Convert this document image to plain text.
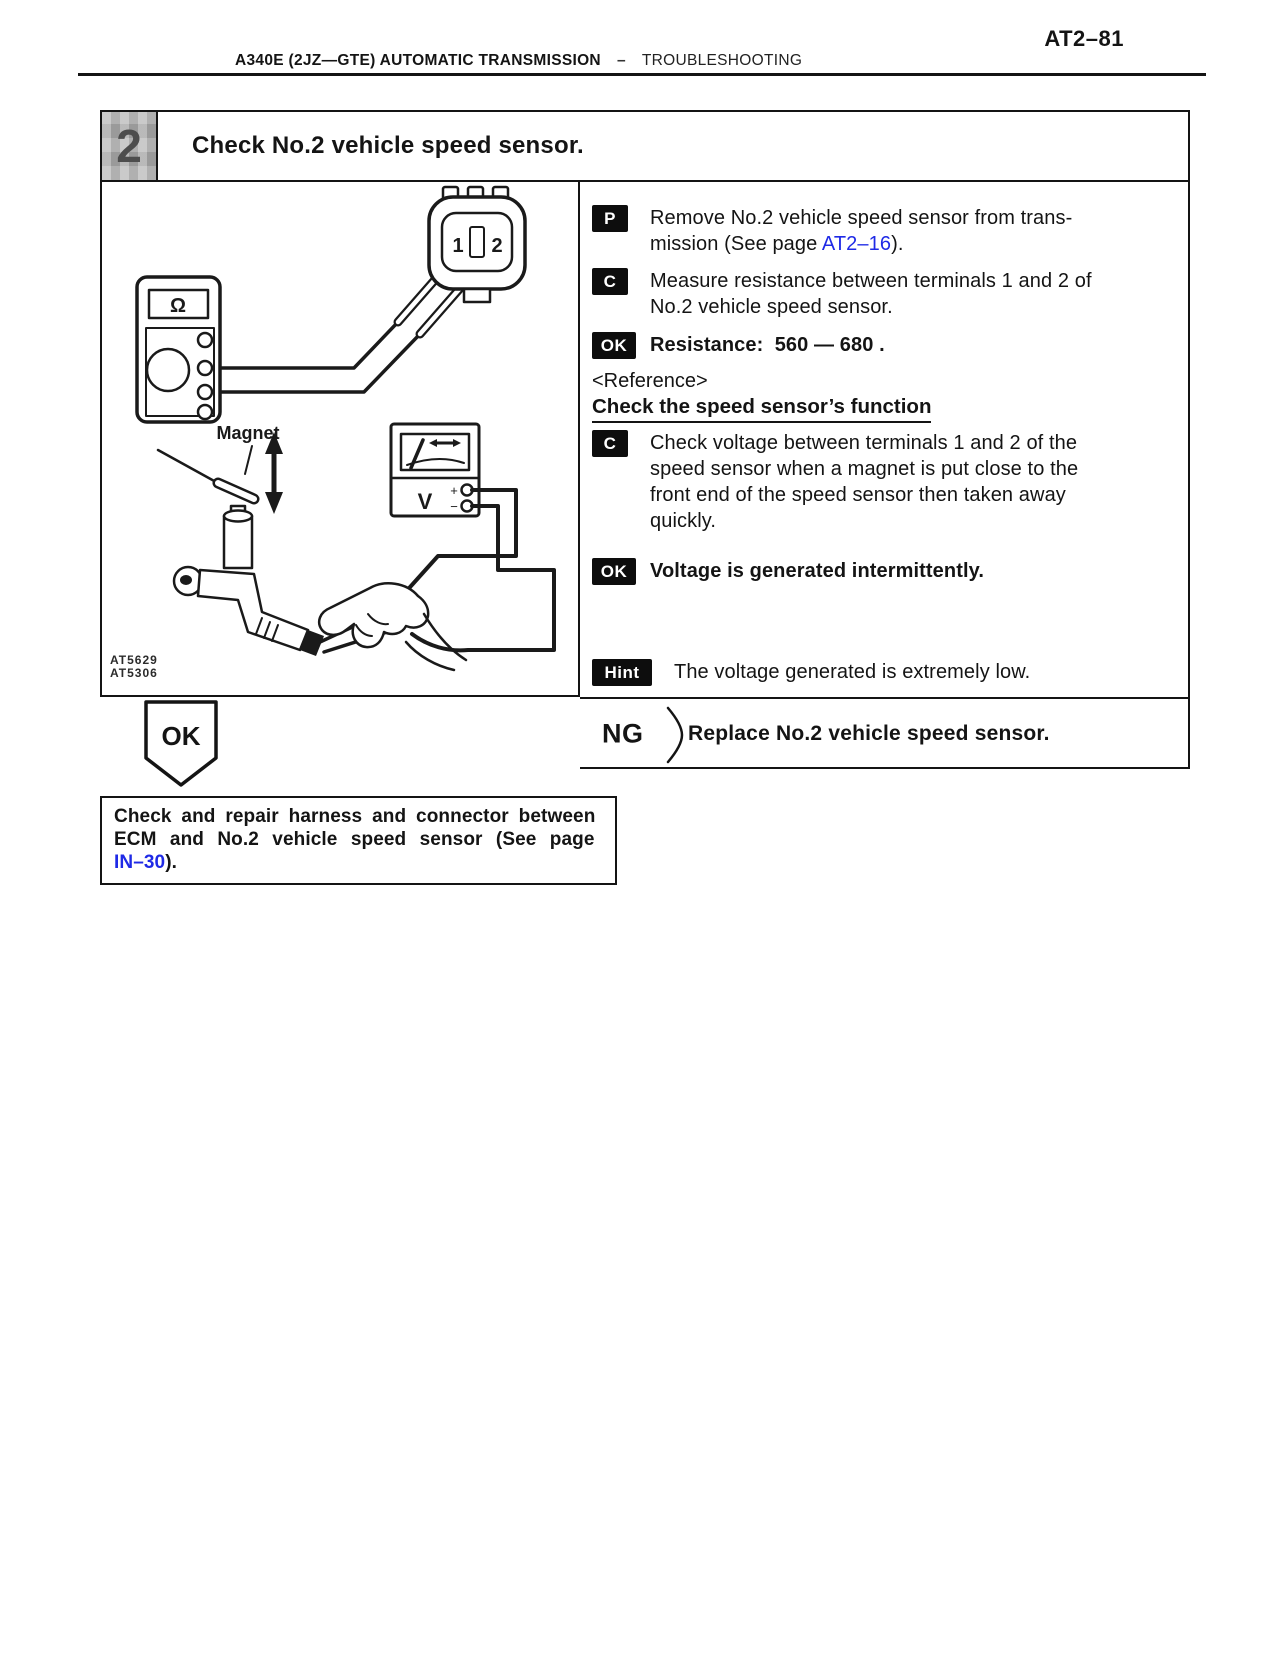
AT2–81
A340E (2JZ—GTE) AUTOMATIC TRANSMISSION – TROUBLESHOOTING
2 Check No.2 vehicle speed sensor.
1 2
Ω
V +
−
Magnet
AT5629
AT5306
P	Remove No.2 vehicle speed sensor from trans-
mission (See page AT2–16).
C	Measure resistance between terminals 1 and 2 of
No.2 vehicle speed sensor.
OK	Resistance:  560 — 680 .
<Reference>
Check the speed sensor’s function
C	Check voltage between terminals 1 and 2 of the
speed sensor when a magnet is put close to the
front end of the speed sensor then taken away
quickly.
OK	Voltage is generated intermittently.
Hint	The voltage generated is extremely low.
NG Replace No.2 vehicle speed sensor.
OK
Check and repair harness and connector between
ECM and No.2 vehicle speed sensor (See page
IN–30).
